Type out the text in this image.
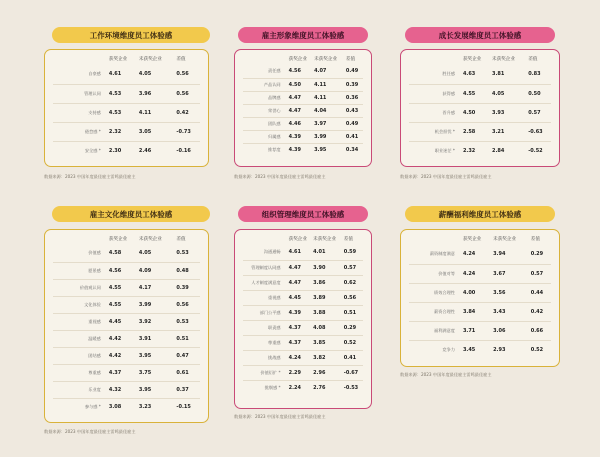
工作环境维度员工体验感
	获奖企业	未获奖企业	差值
自豪感	4.61	4.05	0.56
管理认同	4.53	3.96	0.56
支持感	4.53	4.11	0.42
倦怠感 *	2.32	3.05	-0.73
安全感 *	2.30	2.46	-0.16
数据来源：2023 中国年度最佳雇主雷鸣最佳雇主
雇主形象维度员工体验感
	获奖企业	未获奖企业	差值
责任感	4.56	4.07	0.49
产品认同	4.50	4.11	0.39
品牌感	4.47	4.11	0.36
荣誉心	4.47	4.04	0.43
团队感	4.46	3.97	0.49
归属感	4.39	3.99	0.41
推荐度	4.39	3.95	0.34
数据来源：2023 中国年度最佳雇主雷鸣最佳雇主
成长发展维度员工体验感
	获奖企业	未获奖企业	差值
胜任感	4.63	3.81	0.83
获得感	4.55	4.05	0.50
晋升感	4.50	3.93	0.57
机会担忧 *	2.58	3.21	-0.63
职业迷茫 *	2.32	2.84	-0.52
数据来源：2023 中国年度最佳雇主雷鸣最佳雇主
雇主文化维度员工体验感
	获奖企业	未获奖企业	差值
价值感	4.58	4.05	0.53
愿景感	4.56	4.09	0.48
价值观认同	4.55	4.17	0.39
文化体验	4.55	3.99	0.56
重视感	4.45	3.92	0.53
温暖感	4.42	3.91	0.51
团结感	4.42	3.95	0.47
尊重感	4.37	3.75	0.61
乐业度	4.32	3.95	0.37
参与感 *	3.08	3.23	-0.15
数据来源：2023 中国年度最佳雇主雷鸣最佳雇主
组织管理维度员工体验感
	获奖企业	未获奖企业	差值
沟通通畅	4.61	4.01	0.59
管理制度认同感	4.47	3.90	0.57
人才制度满意度	4.47	3.86	0.62
重视感	4.45	3.89	0.56
部门公平感	4.39	3.88	0.51
职责感	4.37	4.08	0.29
尊重感	4.37	3.85	0.52
挑战感	4.24	3.82	0.41
价值衍扩 *	2.29	2.96	-0.67
挑剔感 *	2.24	2.76	-0.53
数据来源：2023 中国年度最佳雇主雷鸣最佳雇主
薪酬福利维度员工体验感
	获奖企业	未获奖企业	差值
薪资制度满意	4.24	3.94	0.29
价值对等	4.24	3.67	0.57
绩效合理性	4.00	3.56	0.44
薪资合理性	3.84	3.43	0.42
福利满意度	3.71	3.06	0.66
竞争力	3.45	2.93	0.52
数据来源：2023 中国年度最佳雇主雷鸣最佳雇主
